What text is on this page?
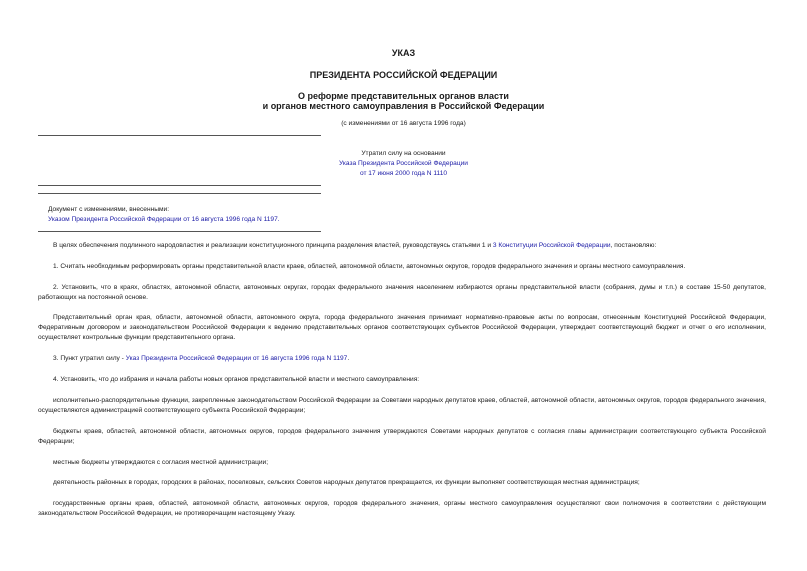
УКАЗ
ПРЕЗИДЕНТА РОССИЙСКОЙ ФЕДЕРАЦИИ
О реформе представительных органов власти
и органов местного самоуправления в Российской Федерации
(с изменениями от 16 августа 1996 года)
Утратил силу на основании
Указа Президента Российской Федерации
от 17 июня 2000 года N 1110
Документ с изменениями, внесенными:
Указом Президента Российской Федерации от 16 августа 1996 года N 1197.
В целях обеспечения подлинного народовластия и реализации конституционного принципа разделения властей, руководствуясь статьями 1 и 3 Конституции Российской Федерации, постановляю:
1. Считать необходимым реформировать органы представительной власти краев, областей, автономной области, автономных округов, городов федерального значения и органы местного самоуправления.
2. Установить, что в краях, областях, автономной области, автономных округах, городах федерального значения населением избираются органы представительной власти (собрания, думы и т.п.) в составе 15-50 депутатов, работающих на постоянной основе.
Представительный орган края, области, автономной области, автономного округа, города федерального значения принимает нормативно-правовые акты по вопросам, отнесенным Конституцией Российской Федерации, Федеративным договором и законодательством Российской Федерации к ведению представительных органов соответствующих субъектов Российской Федерации, утверждает соответствующий бюджет и отчет о его исполнении, осуществляет контрольные функции представительного органа.
3. Пункт утратил силу - Указ Президента Российской Федерации от 16 августа 1996 года N 1197.
4. Установить, что до избрания и начала работы новых органов представительной власти и местного самоуправления:
исполнительно-распорядительные функции, закрепленные законодательством Российской Федерации за Советами народных депутатов краев, областей, автономной области, автономных округов, городов федерального значения, осуществляются администрацией соответствующего субъекта Российской Федерации;
бюджеты краев, областей, автономной области, автономных округов, городов федерального значения утверждаются Советами народных депутатов с согласия главы администрации соответствующего субъекта Российской Федерации;
местные бюджеты утверждаются с согласия местной администрации;
деятельность районных в городах, городских в районах, поселковых, сельских Советов народных депутатов прекращается, их функции выполняет соответствующая местная администрация;
государственные органы краев, областей, автономной области, автономных округов, городов федерального значения, органы местного самоуправления осуществляют свои полномочия в соответствии с действующим законодательством Российской Федерации, не противоречащим настоящему Указу.
